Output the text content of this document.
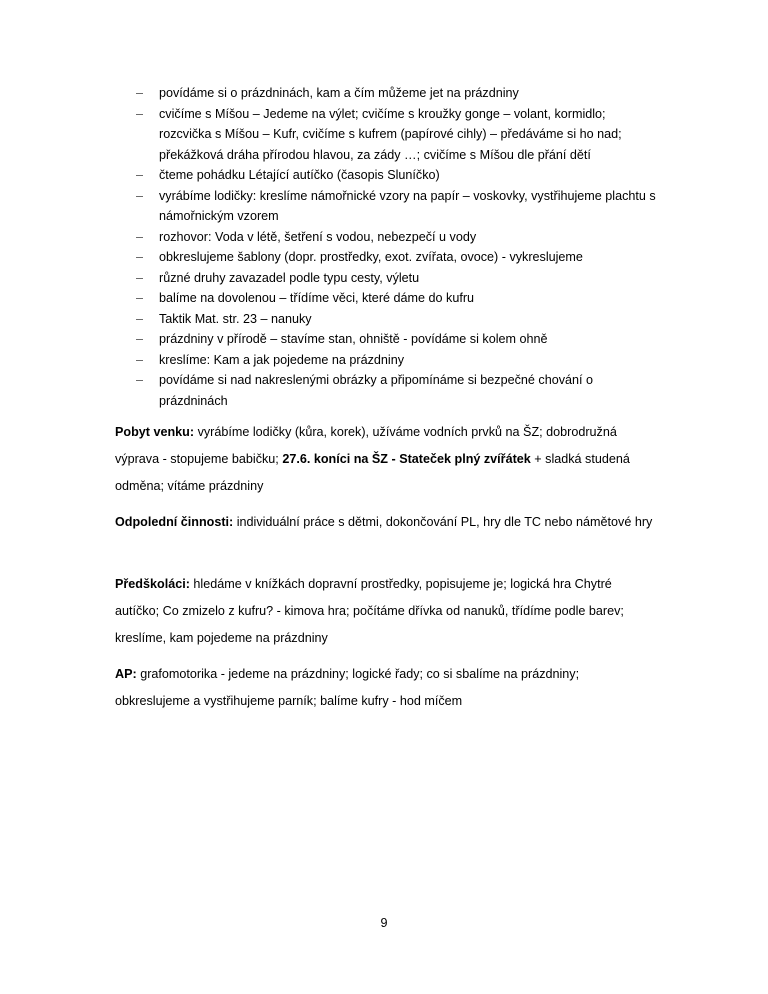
– povídáme si o prázdninách, kam a čím můžeme jet na prázdniny
– cvičíme s Míšou – Jedeme na výlet; cvičíme s kroužky gonge – volant, kormidlo; rozcvička s Míšou – Kufr, cvičíme s kufrem (papírové cihly) – předáváme si ho nad; překážková dráha přírodou hlavou, za zády …; cvičíme s Míšou dle přání dětí
– čteme pohádku Létající autíčko (časopis Sluníčko)
– vyrábíme lodičky: kreslíme námořnické vzory na papír – voskovky, vystřihujeme plachtu s námořnickým vzorem
– rozhovor: Voda v létě, šetření s vodou, nebezpečí u vody
– obkreslujeme šablony (dopr. prostředky, exot. zvířata, ovoce) - vykreslujeme
– různé druhy zavazadel podle typu cesty, výletu
– balíme na dovolenou – třídíme věci, které dáme do kufru
– Taktik Mat. str. 23 – nanuky
– prázdniny v přírodě – stavíme stan, ohniště - povídáme si kolem ohně
– kreslíme: Kam a jak pojedeme na prázdniny
– povídáme si nad nakreslenými obrázky a připomínáme si bezpečné chování o prázdninách

Pobyt venku: vyrábíme lodičky (kůra, korek), užíváme vodních prvků na ŠZ; dobrodružná výprava - stopujeme babičku; 27.6. koníci na ŠZ - Stateček plný zvířátek + sladká studená odměna; vítáme prázdniny

Odpolední činnosti: individuální práce s dětmi, dokončování PL, hry dle TC nebo námětové hry

Předškoláci: hledáme v knížkách dopravní prostředky, popisujeme je; logická hra Chytré autíčko; Co zmizelo z kufru? - kimova hra; počítáme dřívka od nanuků, třídíme podle barev; kreslíme, kam pojedeme na prázdniny

AP: grafomotorika - jedeme na prázdniny; logické řady; co si sbalíme na prázdniny; obkreslujeme a vystřihujeme parník; balíme kufry - hod míčem

9
